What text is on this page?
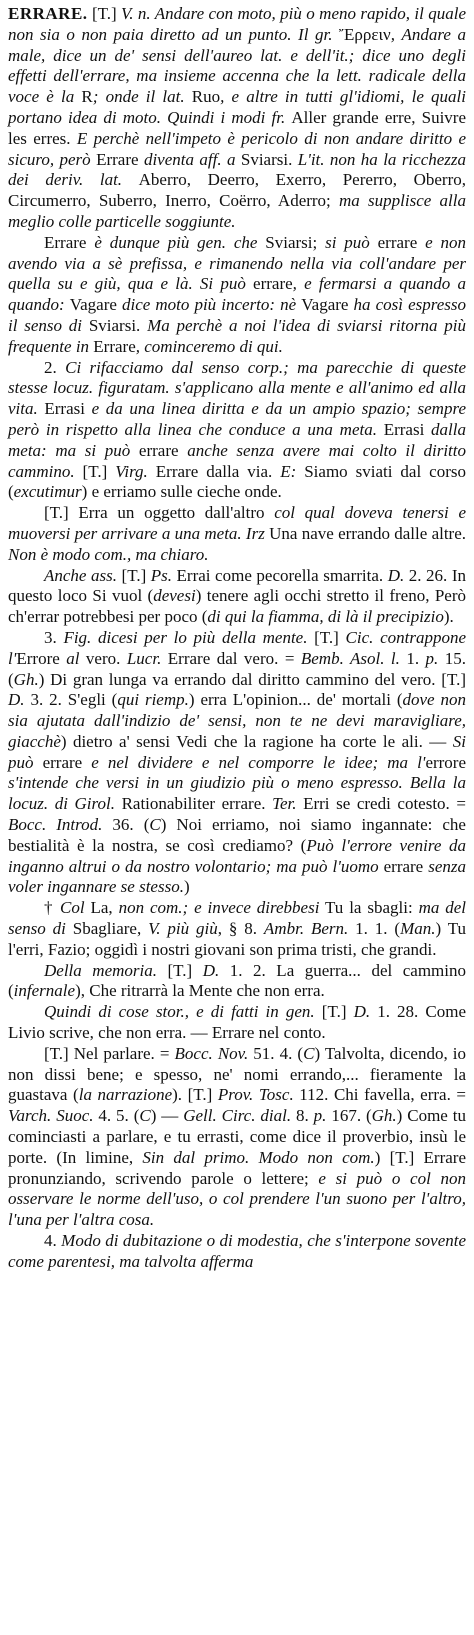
ERRARE. [T.] V. n. Andare con moto, più o meno rapido, il quale non sia o non paia diretto ad un punto. Il gr. Ἔρρειν, Andare a male, dice un de' sensi dell'aureo lat. e dell'it.; dice uno degli effetti dell'errare, ma insieme accenna che la lett. radicale della voce è la R; onde il lat. Ruo, e altre in tutti gl'idiomi, le quali portano idea di moto. Quindi i modi fr. Aller grande erre, Suivre les erres. E perchè nell'impeto è pericolo di non andare diritto e sicuro, però Errare diventa aff. a Sviarsi. L'it. non ha la ricchezza dei deriv. lat. Aberro, Deerro, Exerro, Pererro, Oberro, Circumerro, Suberro, Inerro, Coërro, Aderro; ma supplisce alla meglio colle particelle soggiunte.

Errare è dunque più gen. che Sviarsi; si può errare e non avendo via a sè prefissa, e rimanendo nella via coll'andare per quella su e giù, qua e là. Si può errare, e fermarsi a quando a quando: Vagare dice moto più incerto: nè Vagare ha così espresso il senso di Sviarsi. Ma perchè a noi l'idea di sviarsi ritorna più frequente in Errare, cominceremo di qui.

2. Ci rifacciamo dal senso corp.; ma parecchie di queste stesse locuz. figuratam. s'applicano alla mente e all'animo ed alla vita. Errasi e da una linea diritta e da un ampio spazio; sempre però in rispetto alla linea che conduce a una meta. Errasi dalla meta: ma si può errare anche senza avere mai colto il diritto cammino. [T.] Virg. Errare dalla via. E: Siamo sviati dal corso (excutimur) e erriamo sulle cieche onde.

[T.] Erra un oggetto dall'altro col qual doveva tenersi e muoversi per arrivare a una meta. Irz Una nave errando dalle altre. Non è modo com., ma chiaro.

Anche ass. [T.] Ps. Errai come pecorella smarrita. D. 2. 26. In questo loco Si vuol (devesi) tenere agli occhi stretto il freno, Però ch'errar potrebbesi per poco (di qui la fiamma, di là il precipizio).

3. Fig. dicesi per lo più della mente. [T.] Cic. contrappone l'Errore al vero. Lucr. Errare dal vero. = Bemb. Asol. l. 1. p. 15. (Gh.) Di gran lunga va errando dal diritto cammino del vero. [T.] D. 3. 2. S'egli (qui riemp.) erra L'opinion... de' mortali (dove non sia ajutata dall'indizio de' sensi, non te ne devi maravigliare, giacchè) dietro a' sensi Vedi che la ragione ha corte le ali. — Si può errare e nel dividere e nel comporre le idee; ma l'errore s'intende che versi in un giudizio più o meno espresso. Bella la locuz. di Girol. Rationabiliter errare. Ter. Erri se credi cotesto. = Bocc. Introd. 36. (C) Noi erriamo, noi siamo ingannate: che bestialità è la nostra, se così crediamo? (Può l'errore venire da inganno altrui o da nostro volontario; ma può l'uomo errare senza voler ingannare se stesso.)

† Col La, non com.; e invece direbbesi Tu la sbagli: ma del senso di Sbagliare, V. più giù, § 8. Ambr. Bern. 1. 1. (Man.) Tu l'erri, Fazio; oggidì i nostri giovani son prima tristi, che grandi.

Della memoria. [T.] D. 1. 2. La guerra... del cammino (infernale), Che ritrarrà la Mente che non erra.

Quindi di cose stor., e di fatti in gen. [T.] D. 1. 28. Come Livio scrive, che non erra. — Errare nel conto.

[T.] Nel parlare. = Bocc. Nov. 51. 4. (C) Talvolta, dicendo, io non dissi bene; e spesso, ne' nomi errando,... fieramente la guastava (la narrazione). [T.] Prov. Tosc. 112. Chi favella, erra. = Varch. Suoc. 4. 5. (C) — Gell. Circ. dial. 8. p. 167. (Gh.) Come tu cominciasti a parlare, e tu errasti, come dice il proverbio, insù le porte. (In limine, Sin dal primo. Modo non com.) [T.] Errare pronunziando, scrivendo parole o lettere; e si può o col non osservare le norme dell'uso, o col prendere l'un suono per l'altro, l'una per l'altra cosa.

4. Modo di dubitazione o di modestia, che s'interpone sovente come parentesi, ma talvolta afferma
